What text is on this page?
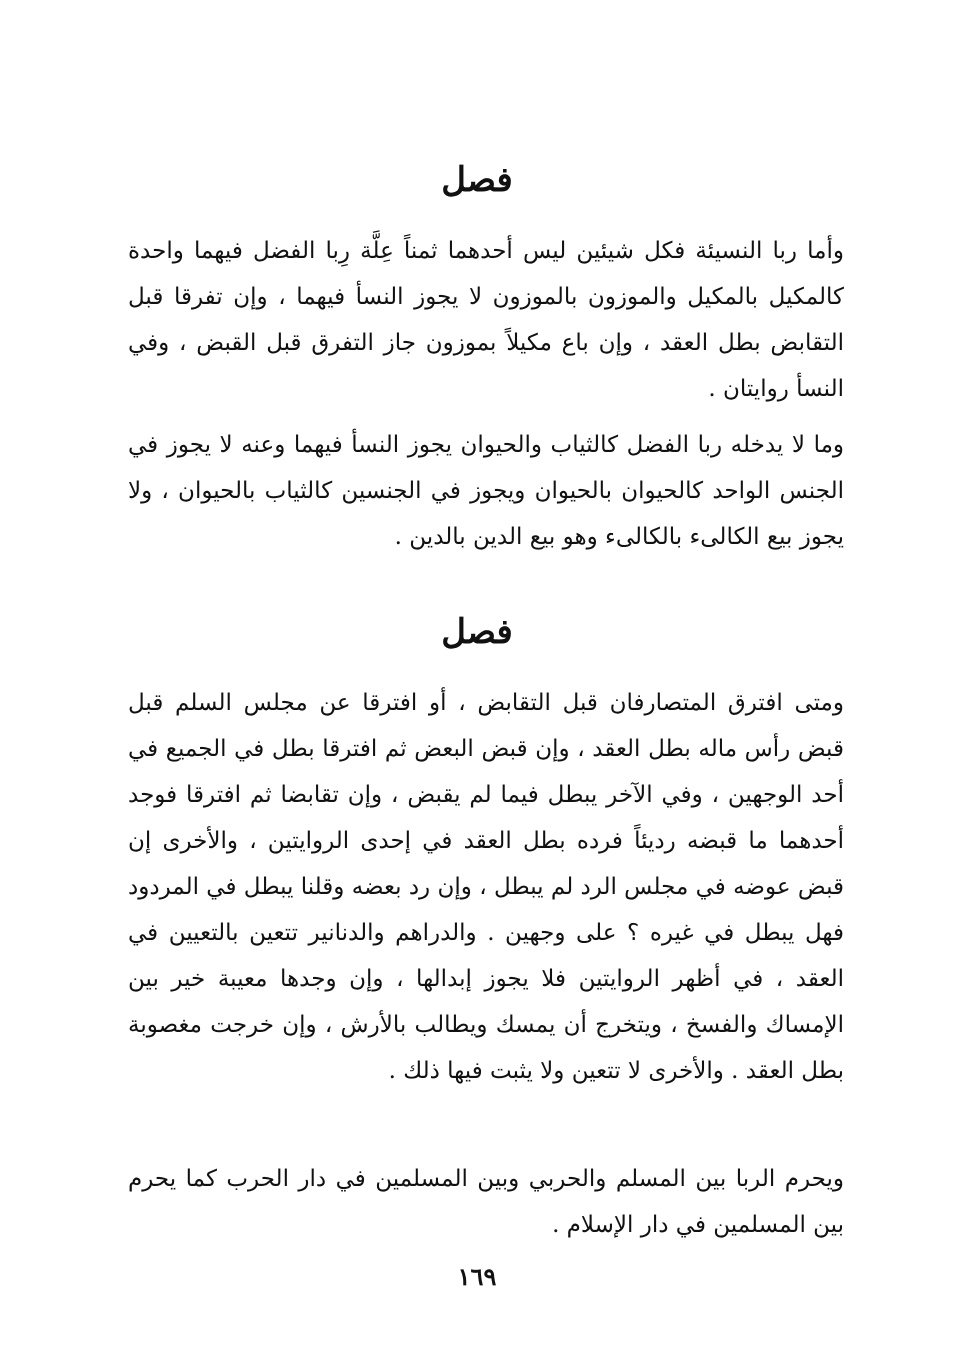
فصل

وأما ربا النسيئة فكل شيئين ليس أحدهما ثمناً عِلَّة رِبا الفضل فيهما واحدة كالمكيل بالمكيل والموزون بالموزون لا يجوز النسأ فيهما ، وإن تفرقا قبل التقابض بطل العقد ، وإن باع مكيلاً بموزون جاز التفرق قبل القبض ، وفي النسأ روايتان .

وما لا يدخله ربا الفضل كالثياب والحيوان يجوز النسأ فيهما وعنه لا يجوز في الجنس الواحد كالحيوان بالحيوان ويجوز في الجنسين كالثياب بالحيوان ، ولا يجوز بيع الكالىء بالكالىء وهو بيع الدين بالدين .

فصل

ومتى افترق المتصارفان قبل التقابض ، أو افترقا عن مجلس السلم قبل قبض رأس ماله بطل العقد ، وإن قبض البعض ثم افترقا بطل في الجميع في أحد الوجهين ، وفي الآخر يبطل فيما لم يقبض ، وإن تقابضا ثم افترقا فوجد أحدهما ما قبضه رديئاً فرده بطل العقد في إحدى الروايتين ، والأخرى إن قبض عوضه في مجلس الرد لم يبطل ، وإن رد بعضه وقلنا يبطل في المردود فهل يبطل في غيره ؟ على وجهين . والدراهم والدنانير تتعين بالتعيين في العقد ، في أظهر الروايتين فلا يجوز إبدالها ، وإن وجدها معيبة خير بين الإمساك والفسخ ، ويتخرج أن يمسك ويطالب بالأرش ، وإن خرجت مغصوبة بطل العقد . والأخرى لا تتعين ولا يثبت فيها ذلك .

ويحرم الربا بين المسلم والحربي وبين المسلمين في دار الحرب كما يحرم بين المسلمين في دار الإسلام .

١٦٩
